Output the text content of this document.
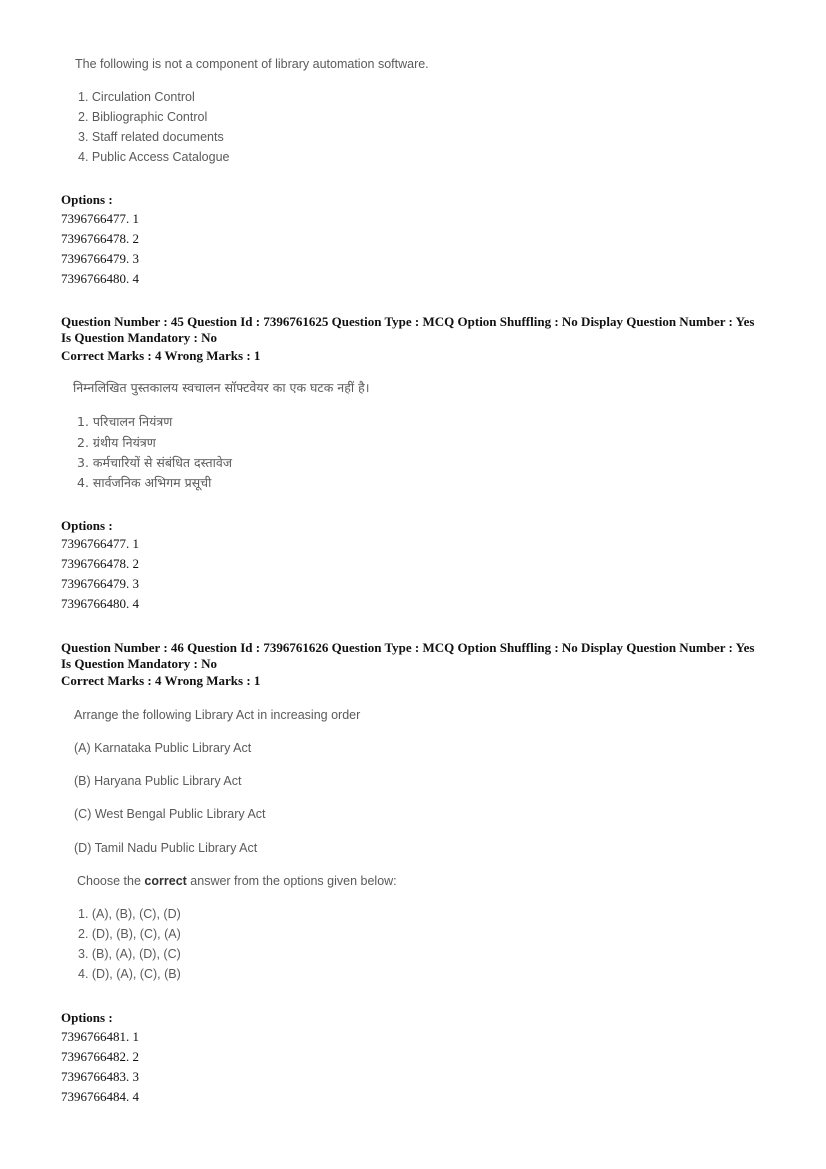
The following is not a component of library automation software.
1. Circulation Control
2. Bibliographic Control
3. Staff related documents
4. Public Access Catalogue
Options :
7396766477. 1
7396766478. 2
7396766479. 3
7396766480. 4
Question Number : 45 Question Id : 7396761625 Question Type : MCQ Option Shuffling : No Display Question Number : Yes
Is Question Mandatory : No
Correct Marks : 4 Wrong Marks : 1
निम्नलिखित पुस्तकालय स्वचालन सॉफ्टवेयर का एक घटक नहीं है।
1. परिचालन नियंत्रण
2. ग्रंथीय नियंत्रण
3. कर्मचारियों से संबंधित दस्तावेज
4. सार्वजनिक अभिगम प्रसूची
Options :
7396766477. 1
7396766478. 2
7396766479. 3
7396766480. 4
Question Number : 46 Question Id : 7396761626 Question Type : MCQ Option Shuffling : No Display Question Number : Yes
Is Question Mandatory : No
Correct Marks : 4 Wrong Marks : 1
Arrange the following Library Act in increasing order
(A) Karnataka Public Library Act
(B) Haryana Public Library Act
(C) West Bengal Public Library Act
(D) Tamil Nadu Public Library Act
Choose the correct answer from the options given below:
1. (A), (B), (C), (D)
2. (D), (B), (C), (A)
3. (B), (A), (D), (C)
4. (D), (A), (C), (B)
Options :
7396766481. 1
7396766482. 2
7396766483. 3
7396766484. 4
